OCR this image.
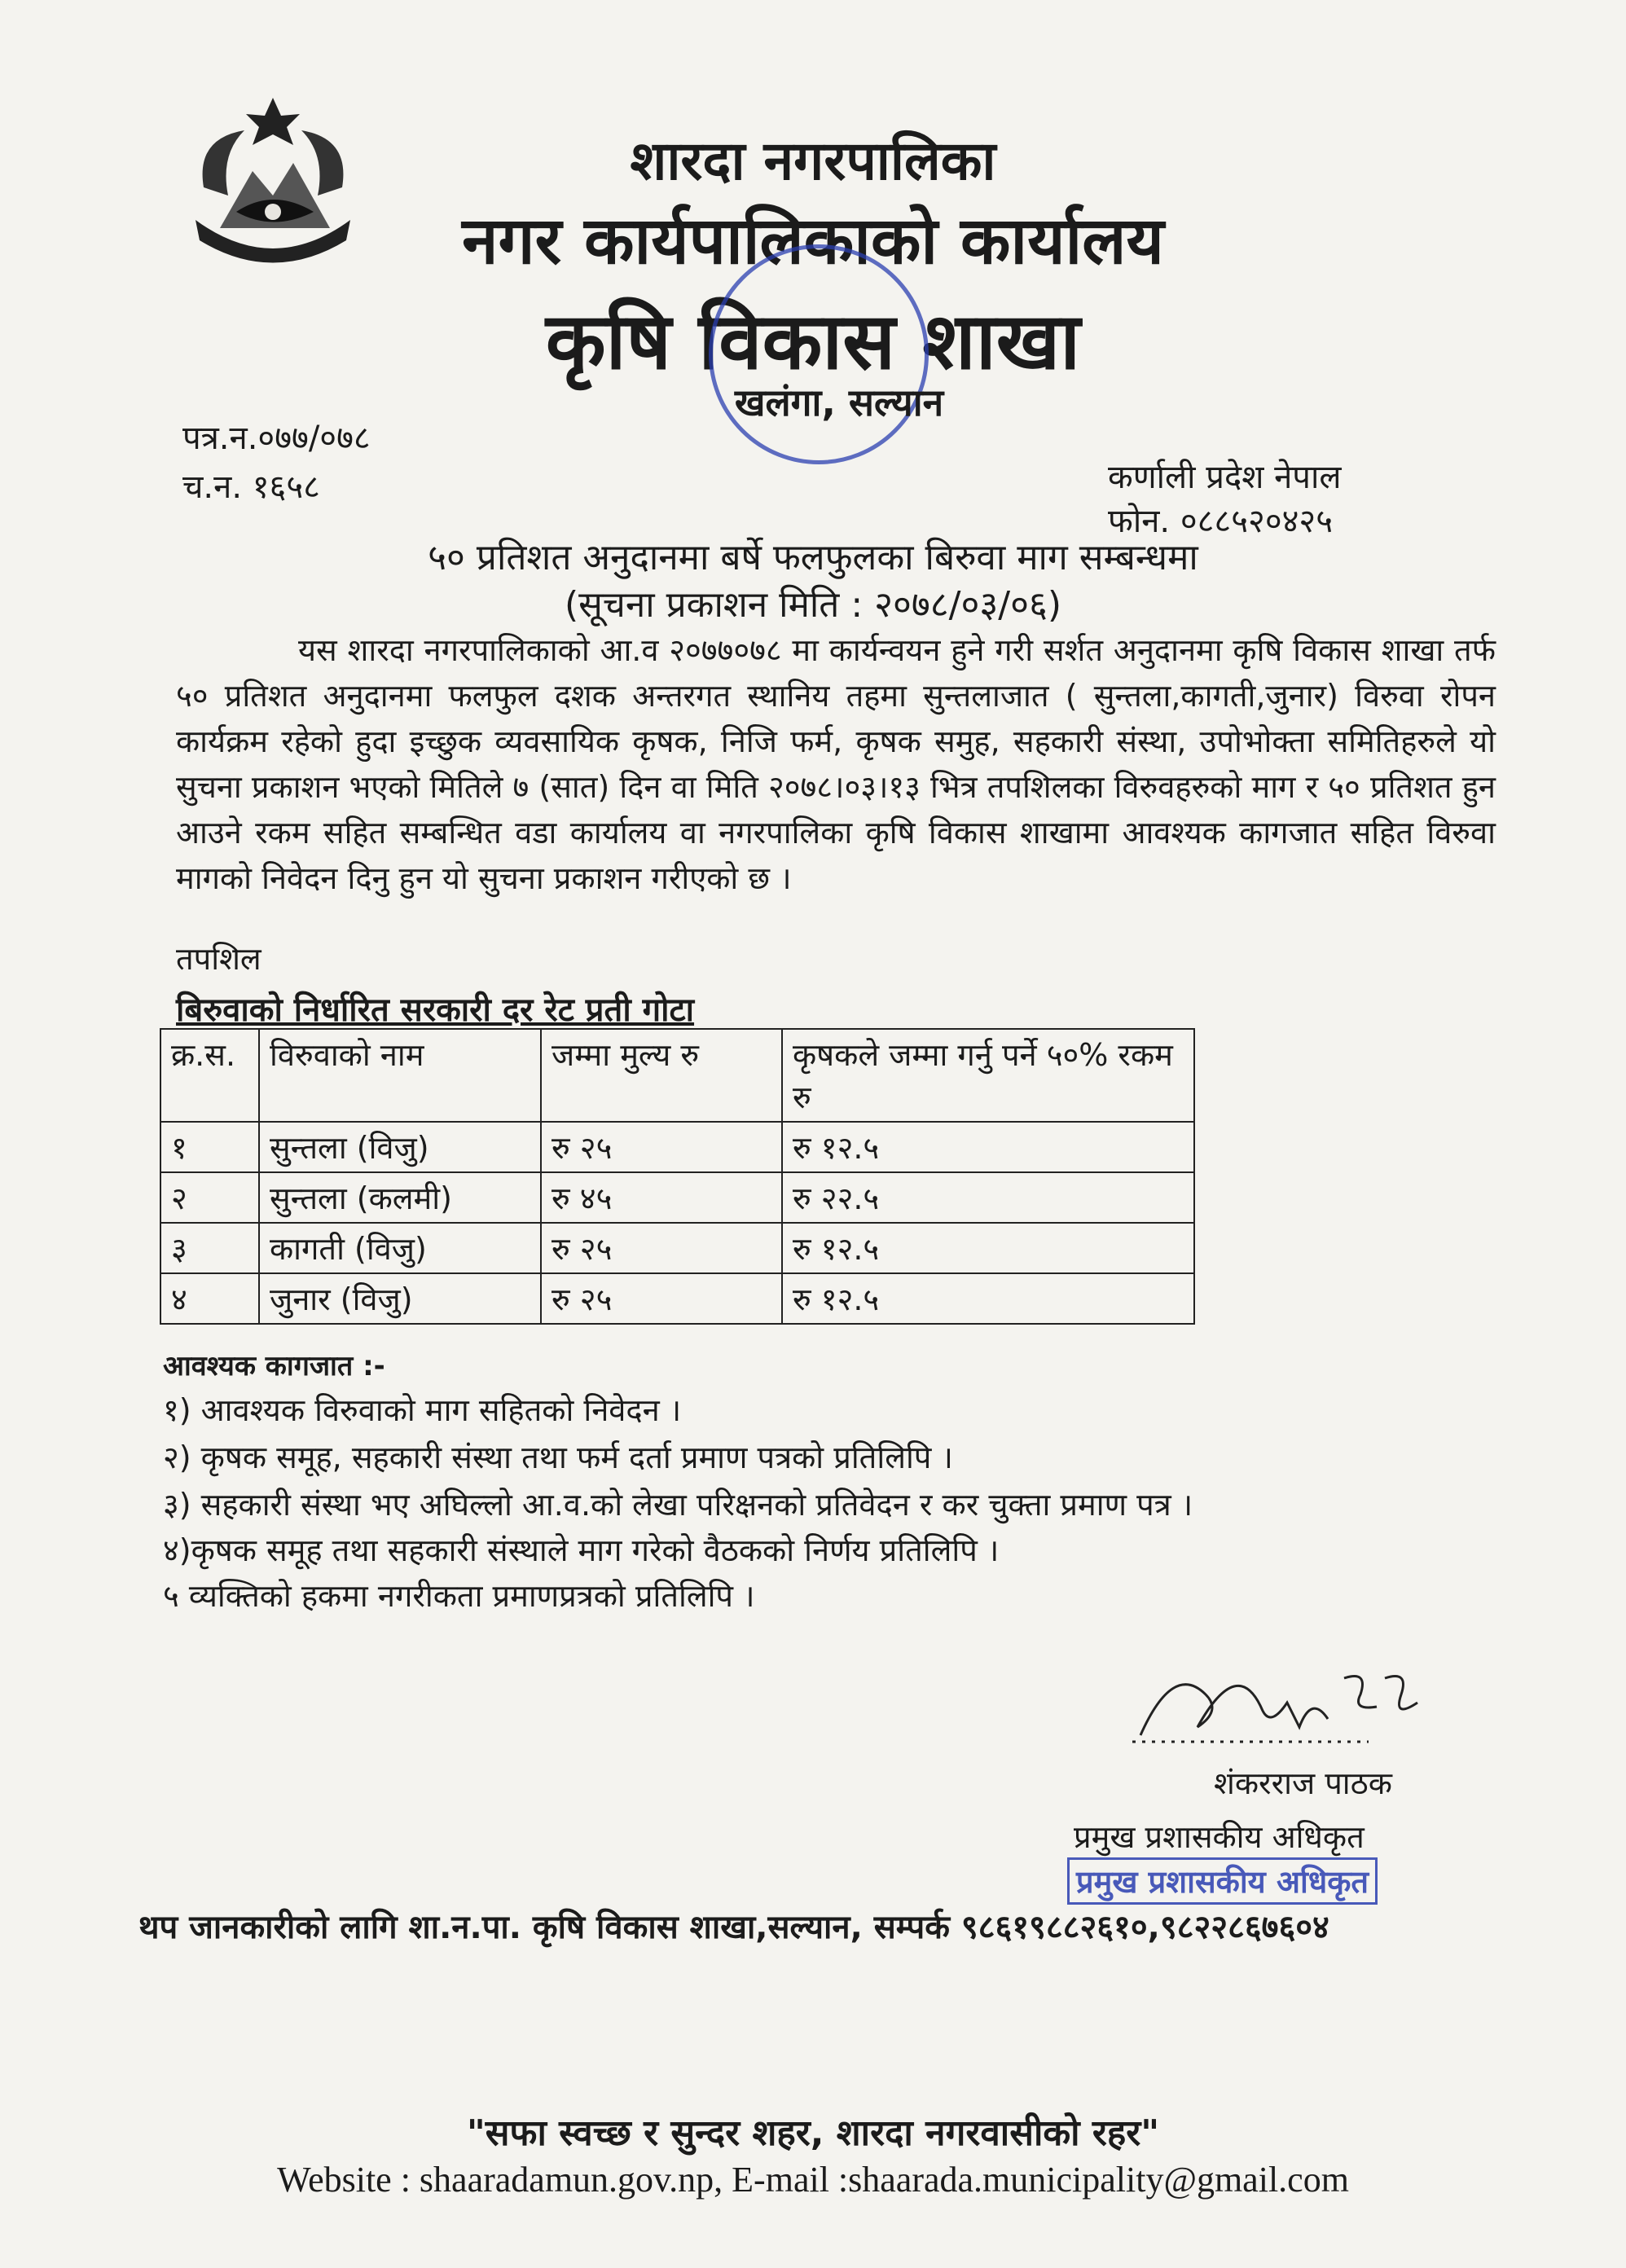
शारदा नगरपालिका
नगर कार्यपालिकाको कार्यालय
कृषि विकास शाखा
खलंगा, सल्यान
पत्र.न.०७७/०७८
च.न. १६५८	कर्णाली प्रदेश नेपाल
फोन. ०८८५२०४२५
५० प्रतिशत अनुदानमा बर्षे फलफुलका बिरुवा माग सम्बन्धमा
(सूचना प्रकाशन मिति : २०७८/०३/०६)

यस शारदा नगरपालिकाको आ.व २०७७०७८ मा कार्यन्वयन हुने गरी सर्शत अनुदानमा कृषि विकास शाखा तर्फ ५० प्रतिशत अनुदानमा फलफुल दशक अन्तरगत स्थानिय तहमा सुन्तलाजात ( सुन्तला,कागती,जुनार) विरुवा रोपन कार्यक्रम रहेको हुदा इच्छुक व्यवसायिक कृषक, निजि फर्म, कृषक समुह, सहकारी संस्था, उपोभोक्ता समितिहरुले यो सुचना प्रकाशन भएको मितिले ७ (सात) दिन वा मिति २०७८।०३।१३ भित्र तपशिलका विरुवहरुको माग र ५० प्रतिशत हुन आउने रकम सहित सम्बन्धित वडा कार्यालय वा नगरपालिका कृषि विकास शाखामा आवश्यक कागजात सहित विरुवा मागको निवेदन दिनु हुन यो सुचना प्रकाशन गरीएको छ ।

तपशिल
बिरुवाको निर्धारित सरकारी दर रेट प्रती गोटा
क्र.स.	विरुवाको नाम	जम्मा मुल्य रु	कृषकले जम्मा गर्नु पर्ने ५०% रकम रु
१	सुन्तला (विजु)	रु २५	रु १२.५
२	सुन्तला (कलमी)	रु ४५	रु २२.५
३	कागती (विजु)	रु २५	रु १२.५
४	जुनार (विजु)	रु २५	रु १२.५
आवश्यक कागजात :-
१) आवश्यक विरुवाको माग सहितको निवेदन ।
२) कृषक समूह, सहकारी संस्था तथा फर्म दर्ता प्रमाण पत्रको प्रतिलिपि ।
३) सहकारी संस्था भए अघिल्लो आ.व.को लेखा परिक्षनको प्रतिवेदन र कर चुक्ता प्रमाण पत्र ।
४)कृषक समूह तथा सहकारी संस्थाले माग गरेको वैठकको निर्णय प्रतिलिपि ।
५ व्यक्तिको हकमा नगरीकता प्रमाणप्रत्रको प्रतिलिपि ।
शंकरराज पाठक
प्रमुख प्रशासकीय अधिकृत
प्रमुख प्रशासकीय अधिकृत
थप जानकारीको लागि शा.न.पा. कृषि विकास शाखा,सल्यान, सम्पर्क ९८६१९८८२६१०,९८२२८६७६०४
"सफा स्वच्छ र सुन्दर शहर, शारदा नगरवासीको रहर"
Website : shaaradamun.gov.np, E-mail :shaarada.municipality@gmail.com
